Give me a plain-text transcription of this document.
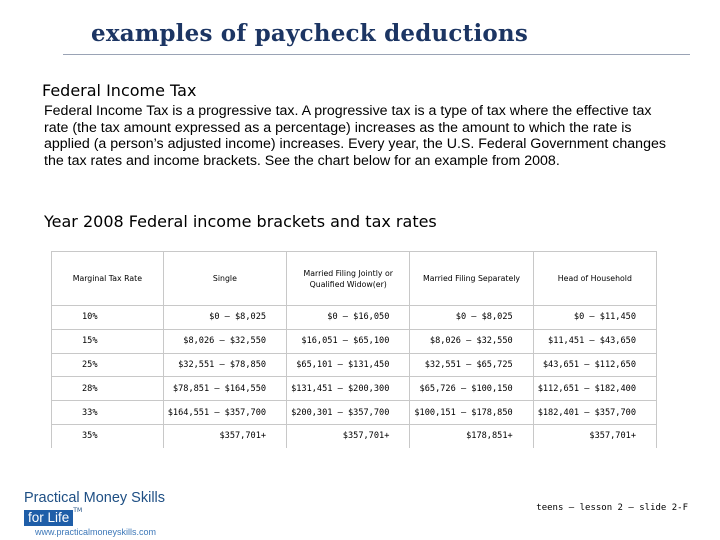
examples of paycheck deductions
Federal Income Tax
Federal Income Tax is a progressive tax. A progressive tax is a type of tax where the effective tax rate (the tax amount expressed as a percentage) increases as the amount to which the rate is applied (a person’s adjusted income) increases. Every year, the U.S. Federal Government changes the tax rates and income brackets. See the chart below for an example from 2008.
Year 2008 Federal income brackets and tax rates
Marginal Tax Rate	Single	Married Filing Jointly or Qualified Widow(er)	Married Filing Separately	Head of Household
10%	$0 – $8,025	$0 – $16,050	$0 – $8,025	$0 – $11,450
15%	$8,026 – $32,550	$16,051 – $65,100	$8,026 – $32,550	$11,451 – $43,650
25%	$32,551 – $78,850	$65,101 – $131,450	$32,551 – $65,725	$43,651 – $112,650
28%	$78,851 – $164,550	$131,451 – $200,300	$65,726 – $100,150	$112,651 – $182,400
33%	$164,551 – $357,700	$200,301 – $357,700	$100,151 – $178,850	$182,401 – $357,700
35%	$357,701+	$357,701+	$178,851+	$357,701+
Practical Money Skills
for Life ™
www.practicalmoneyskills.com
teens – lesson 2 – slide 2-F
